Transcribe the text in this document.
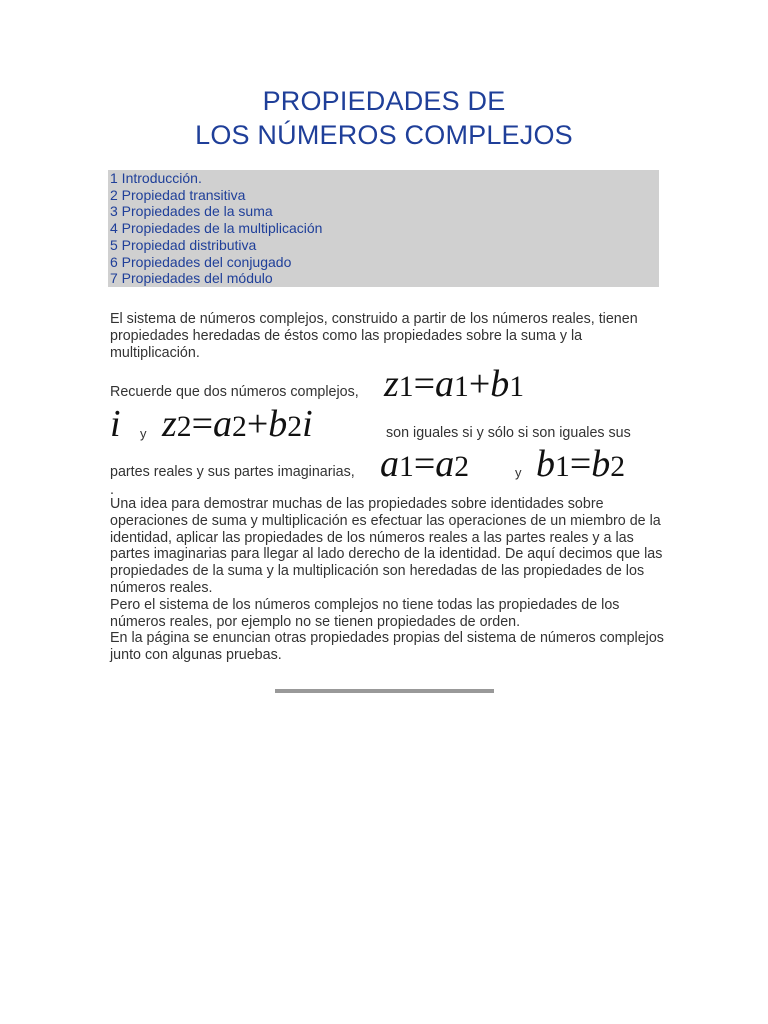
PROPIEDADES DE
LOS NÚMEROS COMPLEJOS
1 Introducción.
2 Propiedad transitiva
3 Propiedades de la suma
4 Propiedades de la multiplicación
5 Propiedad distributiva
6 Propiedades del conjugado
7 Propiedades del módulo
El sistema de números complejos, construido a partir de los números reales, tienen propiedades heredadas de éstos como las propiedades sobre la suma y la multiplicación.
Recuerde que dos números complejos, z1=a1+b1
i y z2=a2+b2i	son iguales si y sólo si son iguales sus
partes reales y sus partes imaginarias, a1=a2	y b1=b2
.
Una idea para demostrar muchas de las propiedades sobre identidades sobre operaciones de suma y multiplicación es efectuar las operaciones de un miembro de la identidad, aplicar las propiedades de los números reales a las partes reales y a las partes imaginarias para llegar al lado derecho de la identidad. De aquí decimos que las propiedades de la suma y la multiplicación son heredadas de las propiedades de los números reales.
Pero el sistema de los números complejos no tiene todas las propiedades de los números reales, por ejemplo no se tienen propiedades de orden.
En la página se enuncian otras propiedades propias del sistema de números complejos junto con algunas pruebas.
